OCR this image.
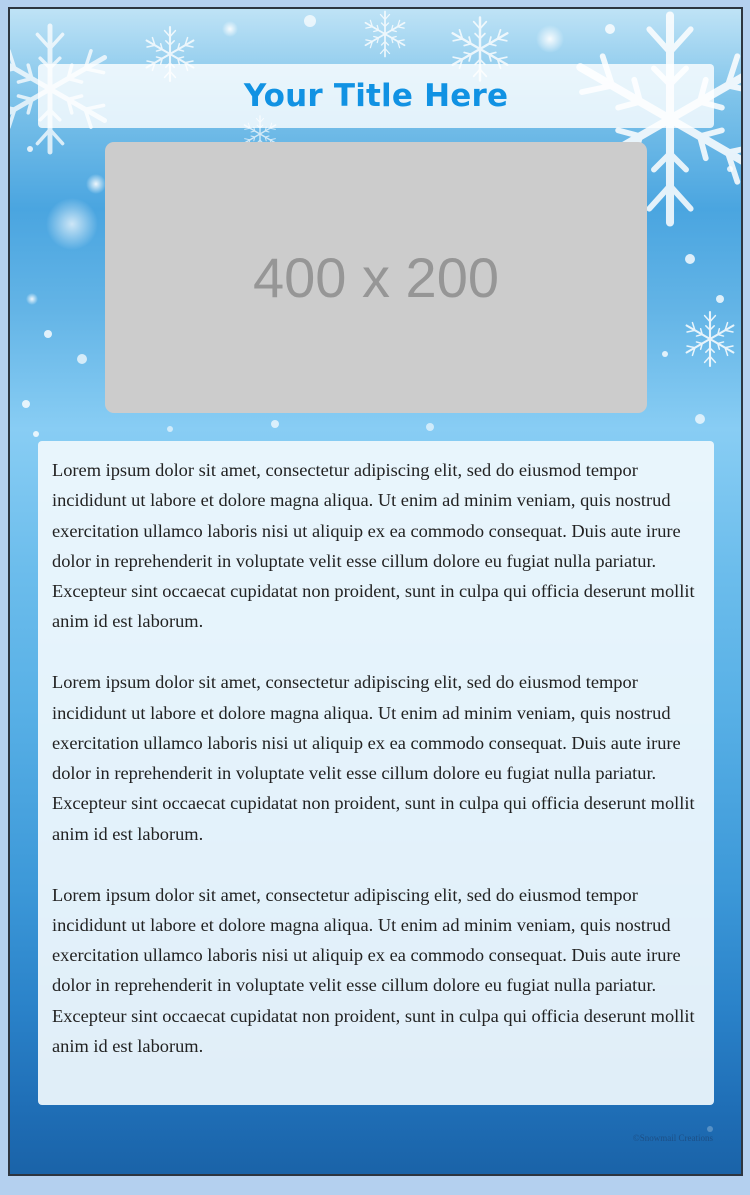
Your Title Here
400 x 200

Lorem ipsum dolor sit amet, consectetur adipiscing elit, sed do eiusmod tempor incididunt ut labore et dolore magna aliqua. Ut enim ad minim veniam, quis nostrud exercitation ullamco laboris nisi ut aliquip ex ea commodo consequat. Duis aute irure dolor in reprehenderit in voluptate velit esse cillum dolore eu fugiat nulla pariatur. Excepteur sint occaecat cupidatat non proident, sunt in culpa qui officia deserunt mollit anim id est laborum.

Lorem ipsum dolor sit amet, consectetur adipiscing elit, sed do eiusmod tempor incididunt ut labore et dolore magna aliqua. Ut enim ad minim veniam, quis nostrud exercitation ullamco laboris nisi ut aliquip ex ea commodo consequat. Duis aute irure dolor in reprehenderit in voluptate velit esse cillum dolore eu fugiat nulla pariatur. Excepteur sint occaecat cupidatat non proident, sunt in culpa qui officia deserunt mollit anim id est laborum.

Lorem ipsum dolor sit amet, consectetur adipiscing elit, sed do eiusmod tempor incididunt ut labore et dolore magna aliqua. Ut enim ad minim veniam, quis nostrud exercitation ullamco laboris nisi ut aliquip ex ea commodo consequat. Duis aute irure dolor in reprehenderit in voluptate velit esse cillum dolore eu fugiat nulla pariatur. Excepteur sint occaecat cupidatat non proident, sunt in culpa qui officia deserunt mollit anim id est laborum.

©Snowmail Creations
